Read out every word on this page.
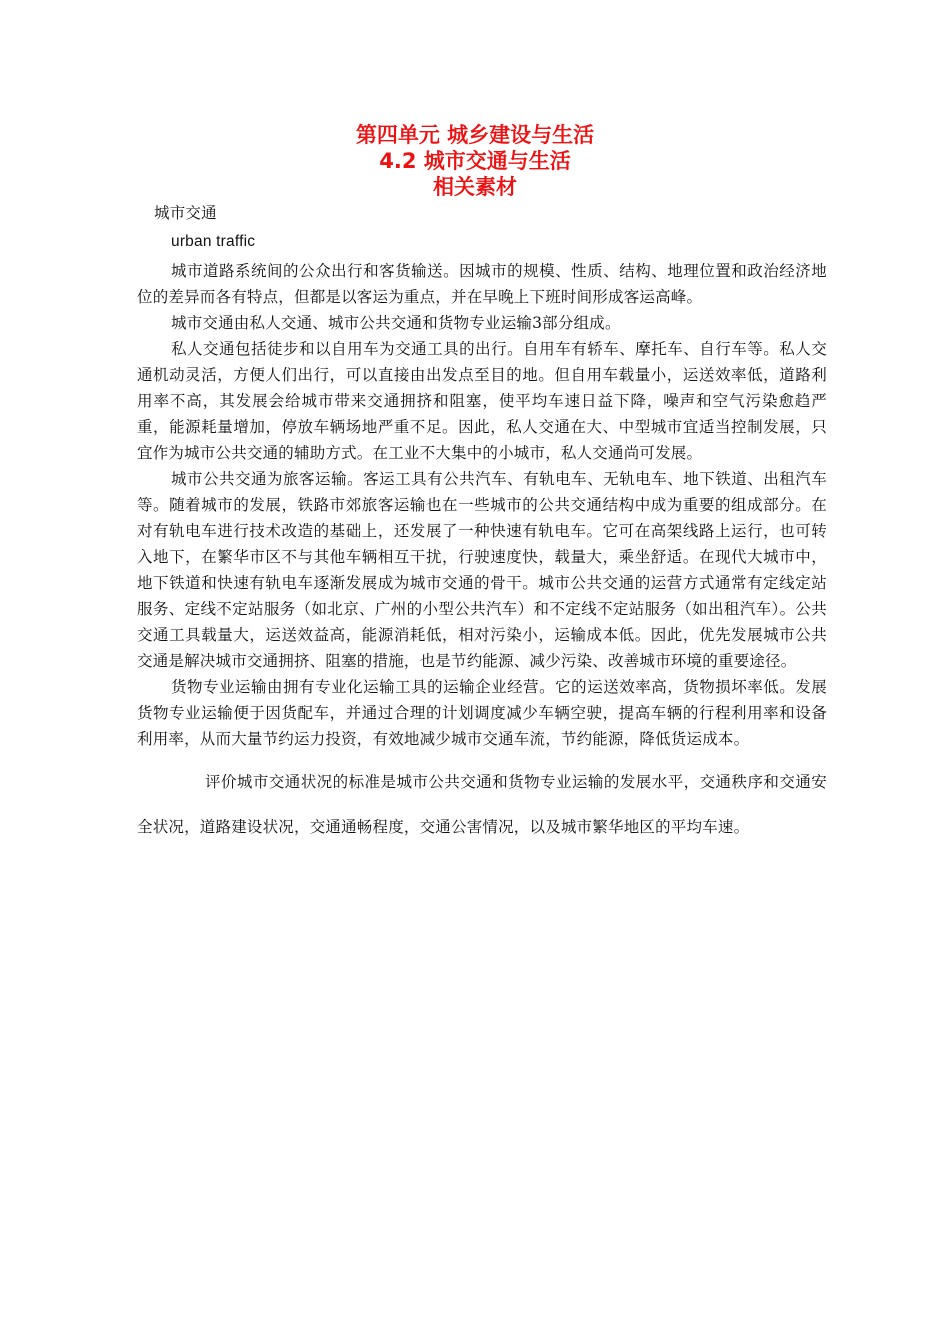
第四单元 城乡建设与生活
4.2 城市交通与生活
相关素材

城市交通

urban traffic

城市道路系统间的公众出行和客货输送。因城市的规模、性质、结构、地理位置和政治经济地位的差异而各有特点，但都是以客运为重点，并在早晚上下班时间形成客运高峰。

城市交通由私人交通、城市公共交通和货物专业运输3部分组成。

私人交通包括徒步和以自用车为交通工具的出行。自用车有轿车、摩托车、自行车等。私人交通机动灵活，方便人们出行，可以直接由出发点至目的地。但自用车载量小，运送效率低，道路利用率不高，其发展会给城市带来交通拥挤和阻塞，使平均车速日益下降，噪声和空气污染愈趋严重，能源耗量增加，停放车辆场地严重不足。因此，私人交通在大、中型城市宜适当控制发展，只宜作为城市公共交通的辅助方式。在工业不大集中的小城市，私人交通尚可发展。

城市公共交通为旅客运输。客运工具有公共汽车、有轨电车、无轨电车、地下铁道、出租汽车等。随着城市的发展，铁路市郊旅客运输也在一些城市的公共交通结构中成为重要的组成部分。在对有轨电车进行技术改造的基础上，还发展了一种快速有轨电车。它可在高架线路上运行，也可转入地下，在繁华市区不与其他车辆相互干扰，行驶速度快，载量大，乘坐舒适。在现代大城市中，地下铁道和快速有轨电车逐渐发展成为城市交通的骨干。城市公共交通的运营方式通常有定线定站服务、定线不定站服务（如北京、广州的小型公共汽车）和不定线不定站服务（如出租汽车）。公共交通工具载量大，运送效益高，能源消耗低，相对污染小，运输成本低。因此，优先发展城市公共交通是解决城市交通拥挤、阻塞的措施，也是节约能源、减少污染、改善城市环境的重要途径。

货物专业运输由拥有专业化运输工具的运输企业经营。它的运送效率高，货物损坏率低。发展货物专业运输便于因货配车，并通过合理的计划调度减少车辆空驶，提高车辆的行程利用率和设备利用率，从而大量节约运力投资，有效地减少城市交通车流，节约能源，降低货运成本。

评价城市交通状况的标准是城市公共交通和货物专业运输的发展水平，交通秩序和交通安全状况，道路建设状况，交通通畅程度，交通公害情况，以及城市繁华地区的平均车速。
